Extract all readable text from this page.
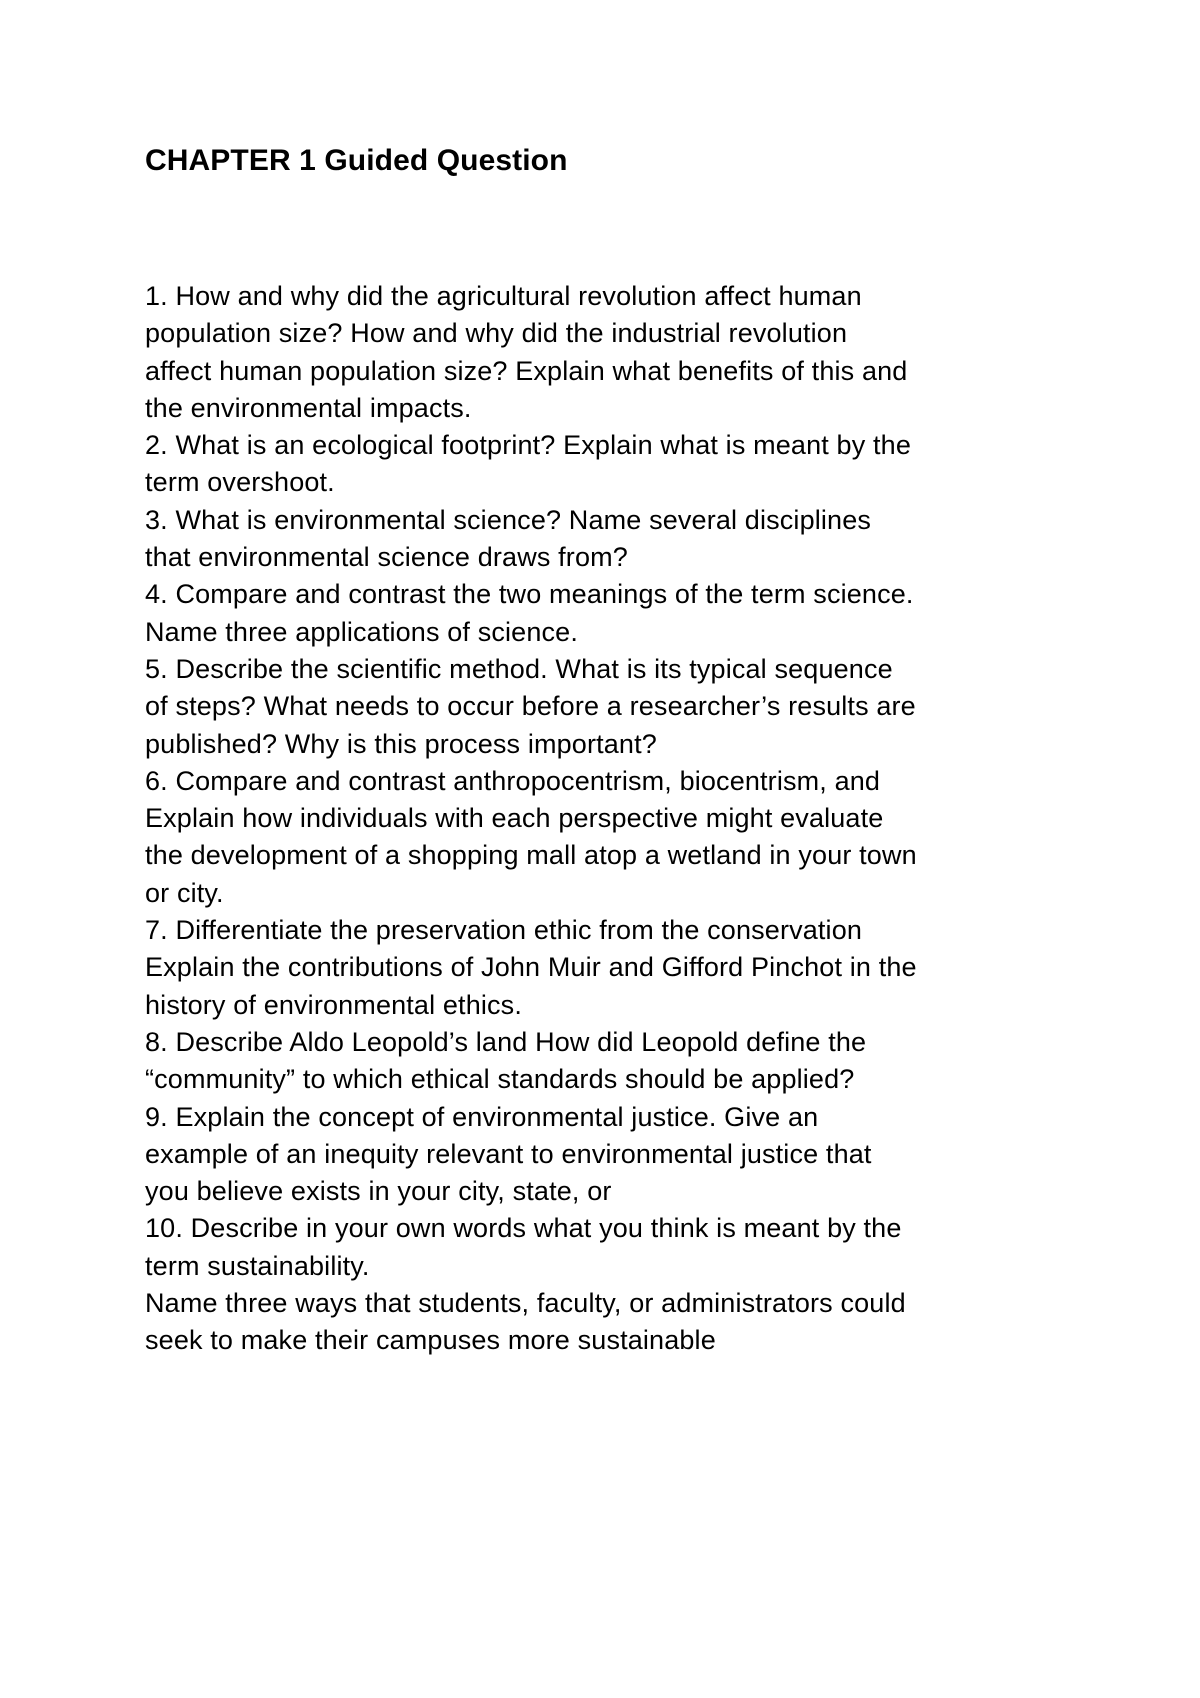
CHAPTER 1 Guided Question
1. How and why did the agricultural revolution affect human
population size? How and why did the industrial revolution
affect human population size? Explain what benefits of this and
the environmental impacts.
2. What is an ecological footprint? Explain what is meant by the
term overshoot.
3. What is environmental science? Name several disciplines
that environmental science draws from?
4. Compare and contrast the two meanings of the term science.
Name three applications of science.
5. Describe the scientific method. What is its typical sequence
of steps? What needs to occur before a researcher’s results are
published? Why is this process important?
6. Compare and contrast anthropocentrism, biocentrism, and
Explain how individuals with each perspective might evaluate
the development of a shopping mall atop a wetland in your town
or city.
7. Differentiate the preservation ethic from the conservation
Explain the contributions of John Muir and Gifford Pinchot in the
history of environmental ethics.
8. Describe Aldo Leopold’s land How did Leopold define the
“community” to which ethical standards should be applied?
9. Explain the concept of environmental justice. Give an
example of an inequity relevant to environmental justice that
you believe exists in your city, state, or
10. Describe in your own words what you think is meant by the
term sustainability.
Name three ways that students, faculty, or administrators could
seek to make their campuses more sustainable
